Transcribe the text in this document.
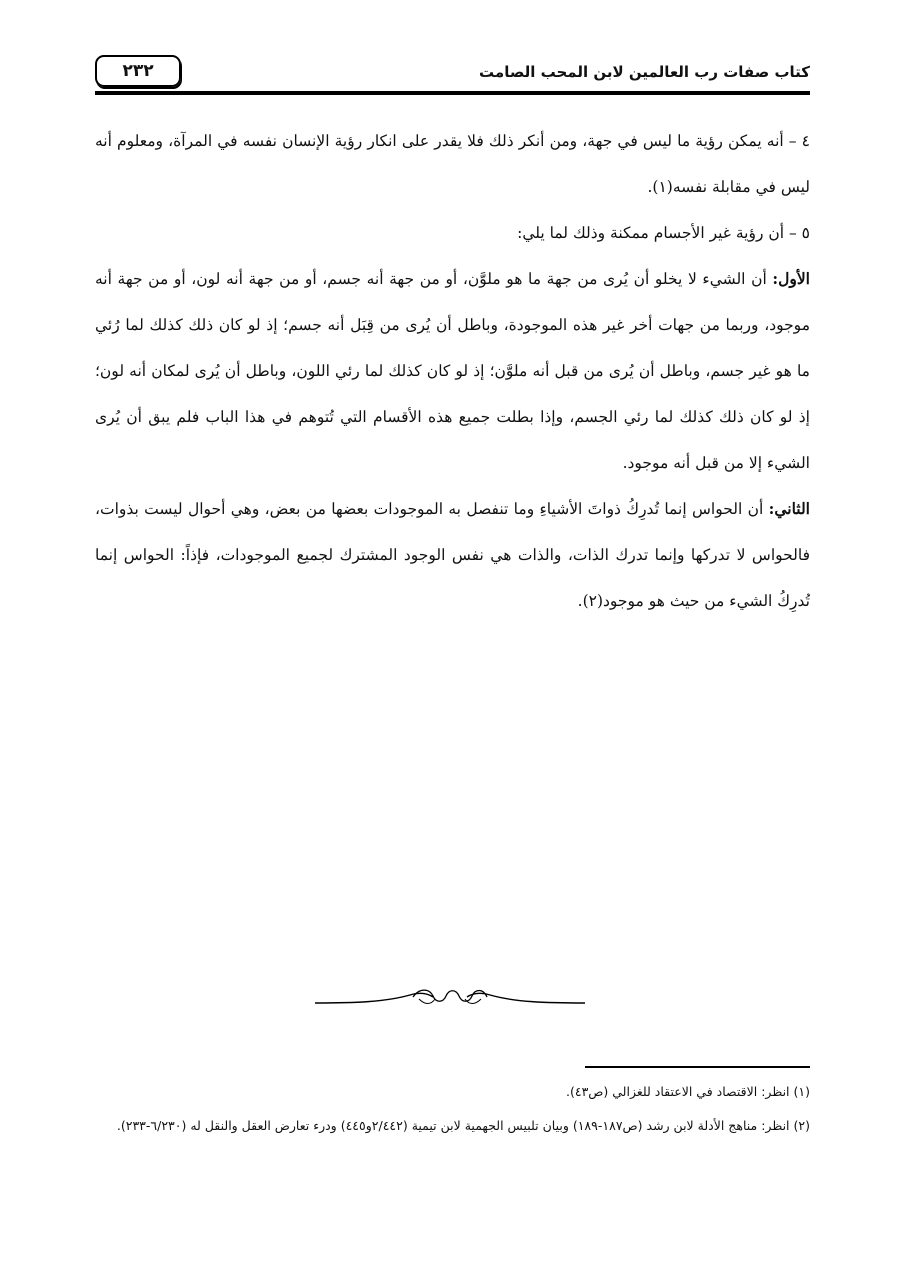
كتاب صفات رب العالمين لابن المحب الصامت
٢٣٢

٤ – أنه يمكن رؤية ما ليس في جهة، ومن أنكر ذلك فلا يقدر على انكار رؤية الإنسان نفسه في المرآة، ومعلوم أنه ليس في مقابلة نفسه(١).

٥ – أن رؤية غير الأجسام ممكنة وذلك لما يلي:

الأول: أن الشيء لا يخلو أن يُرى من جهة ما هو ملوَّن، أو من جهة أنه جسم، أو من جهة أنه لون، أو من جهة أنه موجود، وربما من جهات أخر غير هذه الموجودة، وباطل أن يُرى من قِبَل أنه جسم؛ إذ لو كان ذلك كذلك لما رُئي ما هو غير جسم، وباطل أن يُرى من قبل أنه ملوَّن؛ إذ لو كان كذلك لما رئي اللون، وباطل أن يُرى لمكان أنه لون؛ إذ لو كان ذلك كذلك لما رئي الجسم، وإذا بطلت جميع هذه الأقسام التي تُتوهم في هذا الباب فلم يبق أن يُرى الشيء إلا من قبل أنه موجود.

الثاني: أن الحواس إنما تُدرِكُ ذواتَ الأشياءِ وما تنفصل به الموجودات بعضها من بعض، وهي أحوال ليست بذوات، فالحواس لا تدركها وإنما تدرك الذات، والذات هي نفس الوجود المشترك لجميع الموجودات، فإذاً: الحواس إنما تُدرِكُ الشيء من حيث هو موجود(٢).

(١) انظر: الاقتصاد في الاعتقاد للغزالي (ص٤٣).

(٢) انظر: مناهج الأدلة لابن رشد (ص١٨٧-١٨٩) وبيان تلبيس الجهمية لابن تيمية (٢/٤٤٢و٤٤٥) ودرء تعارض العقل والنقل له (٦/٢٣٠-٢٣٣).
